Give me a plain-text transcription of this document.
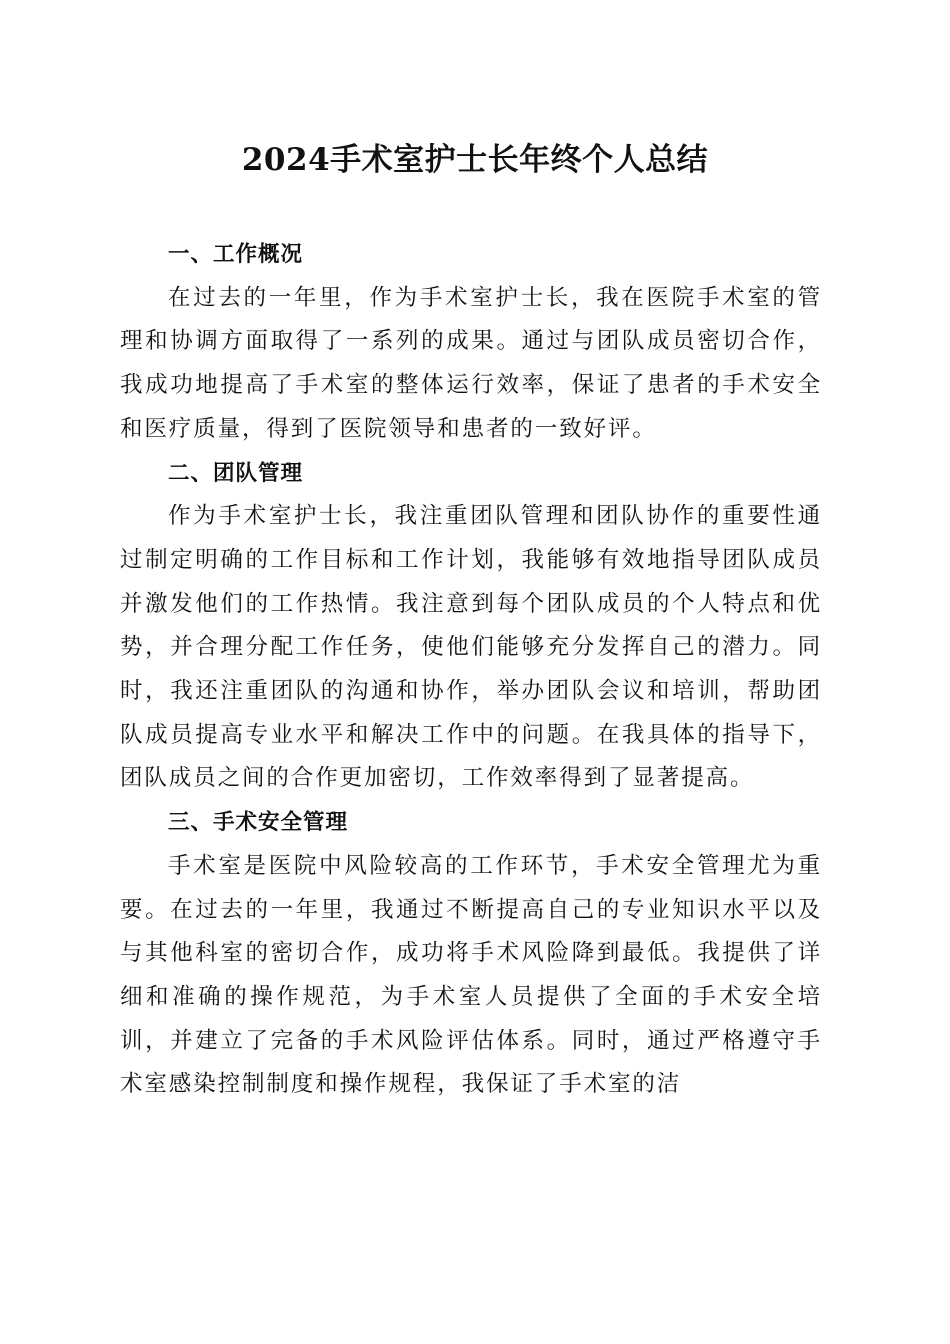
2024手术室护士长年终个人总结
一、工作概况

在过去的一年里，作为手术室护士长，我在医院手术室的管理和协调方面取得了一系列的成果。通过与团队成员密切合作，我成功地提高了手术室的整体运行效率，保证了患者的手术安全和医疗质量，得到了医院领导和患者的一致好评。

二、团队管理

作为手术室护士长，我注重团队管理和团队协作的重要性通过制定明确的工作目标和工作计划，我能够有效地指导团队成员并激发他们的工作热情。我注意到每个团队成员的个人特点和优势，并合理分配工作任务，使他们能够充分发挥自己的潜力。同时，我还注重团队的沟通和协作，举办团队会议和培训，帮助团队成员提高专业水平和解决工作中的问题。在我具体的指导下，团队成员之间的合作更加密切，工作效率得到了显著提高。

三、手术安全管理

手术室是医院中风险较高的工作环节，手术安全管理尤为重要。在过去的一年里，我通过不断提高自己的专业知识水平以及与其他科室的密切合作，成功将手术风险降到最低。我提供了详细和准确的操作规范，为手术室人员提供了全面的手术安全培训，并建立了完备的手术风险评估体系。同时，通过严格遵守手术室感染控制制度和操作规程，我保证了手术室的洁
